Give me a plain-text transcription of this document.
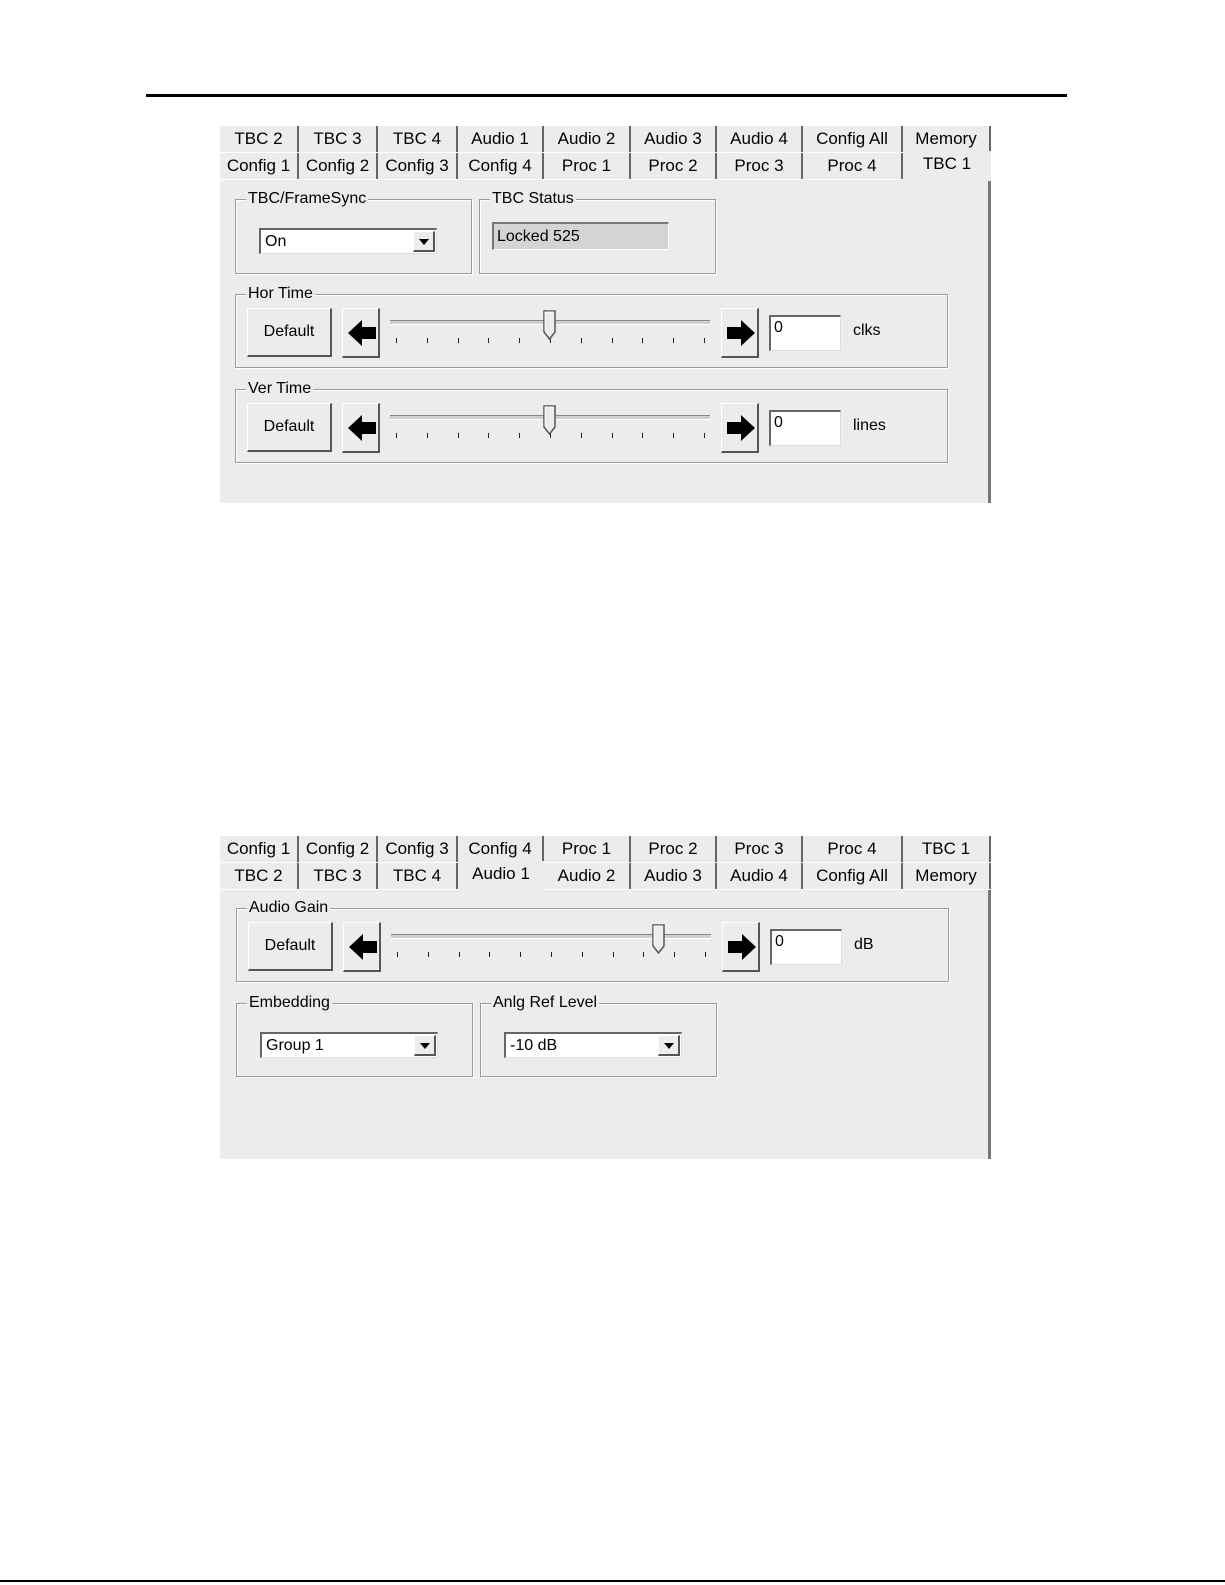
TBC 2	TBC 3	TBC 4	Audio 1	Audio 2	Audio 3	Audio 4	Config All	Memory
Config 1 Config 2 Config 3	Config 4	Proc 1	Proc 2	Proc 3	Proc 4	TBC 1
TBC/FrameSync
On
TBC Status
Locked 525
Hor Time
Default	0	clks
Ver Time
Default	0	lines
Config 1 Config 2 Config 3	Config 4	Proc 1	Proc 2	Proc 3	Proc 4	TBC 1
TBC 2	TBC 3	TBC 4	Audio 1	Audio 2	Audio 3	Audio 4	Config All	Memory
Audio Gain
Default	0	dB
Embedding
Group 1
Anlg Ref Level
-10 dB
